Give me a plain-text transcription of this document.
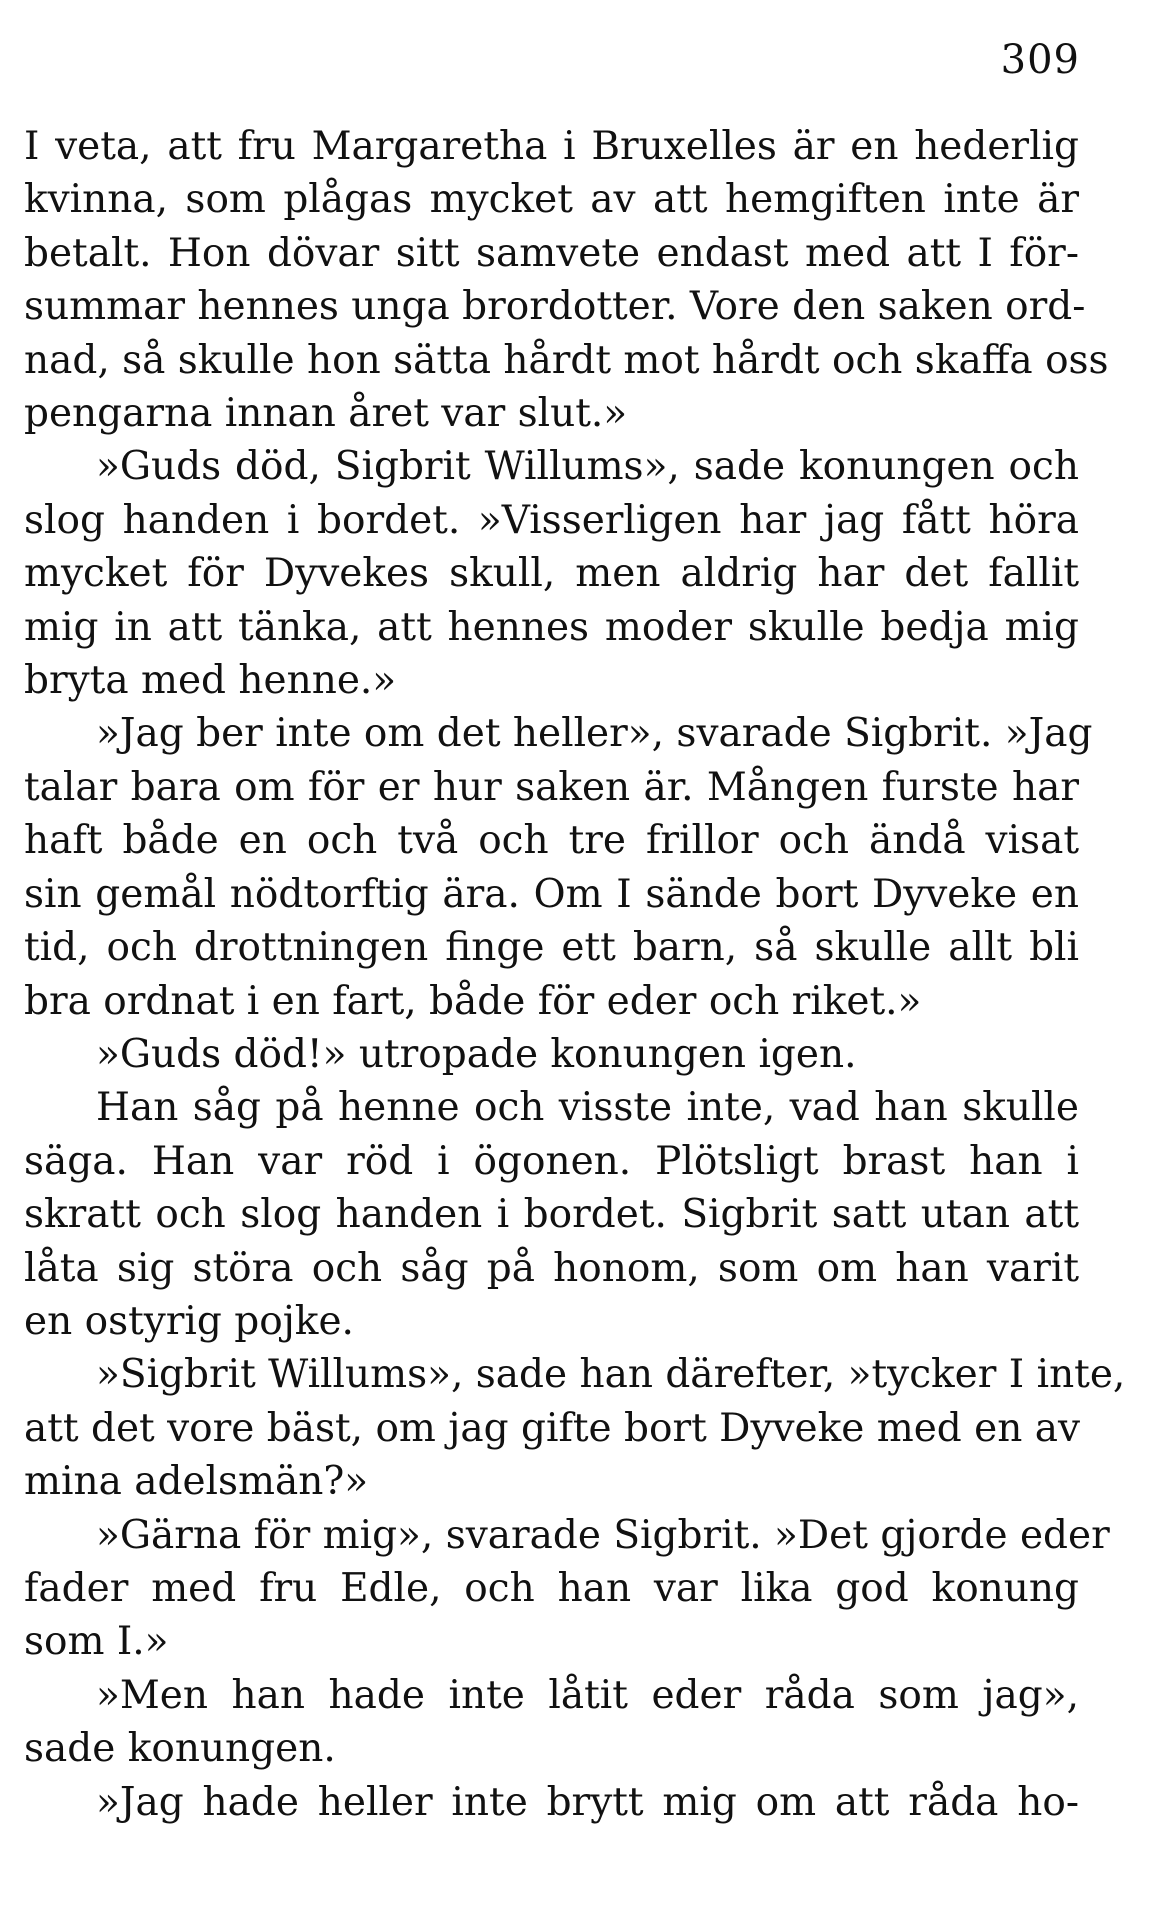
309
I veta, att fru Margaretha i Bruxelles är en hederlig
kvinna, som plågas mycket av att hemgiften inte är
betalt. Hon dövar sitt samvete endast med att I för-
summar hennes unga brordotter. Vore den saken ord-
nad, så skulle hon sätta hårdt mot hårdt och skaffa oss
pengarna innan året var slut.»
»Guds död, Sigbrit Willums», sade konungen och
slog handen i bordet. »Visserligen har jag fått höra
mycket för Dyvekes skull, men aldrig har det fallit
mig in att tänka, att hennes moder skulle bedja mig
bryta med henne.»
»Jag ber inte om det heller», svarade Sigbrit. »Jag
talar bara om för er hur saken är. Mången furste har
haft både en och två och tre frillor och ändå visat
sin gemål nödtorftig ära. Om I sände bort Dyveke en
tid, och drottningen finge ett barn, så skulle allt bli
bra ordnat i en fart, både för eder och riket.»
»Guds död!» utropade konungen igen.
Han såg på henne och visste inte, vad han skulle
säga. Han var röd i ögonen. Plötsligt brast han i
skratt och slog handen i bordet. Sigbrit satt utan att
låta sig störa och såg på honom, som om han varit
en ostyrig pojke.
»Sigbrit Willums», sade han därefter, »tycker I inte,
att det vore bäst, om jag gifte bort Dyveke med en av
mina adelsmän?»
»Gärna för mig», svarade Sigbrit. »Det gjorde eder
fader med fru Edle, och han var lika god konung
som I.»
»Men han hade inte låtit eder råda som jag»,
sade konungen.
»Jag hade heller inte brytt mig om att råda ho-
